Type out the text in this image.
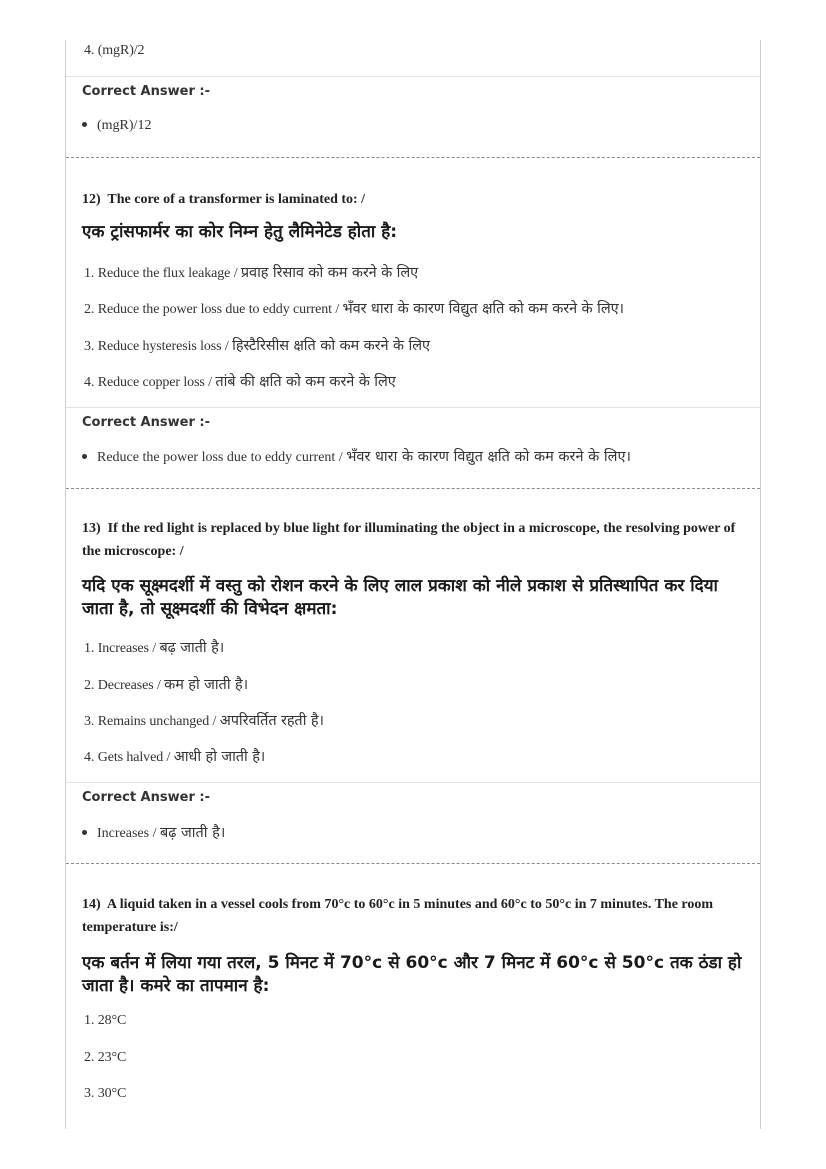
4. (mgR)/2
Correct Answer :-
(mgR)/12
12) The core of a transformer is laminated to: /
एक ट्रांसफार्मर का कोर निम्न हेतु लैमिनेटेड होता है:
1. Reduce the flux leakage / प्रवाह रिसाव को कम करने के लिए
2. Reduce the power loss due to eddy current / भँवर धारा के कारण विद्युत क्षति को कम करने के लिए।
3. Reduce hysteresis loss / हिस्टैरिसीस क्षति को कम करने के लिए
4. Reduce copper loss / तांबे की क्षति को कम करने के लिए
Correct Answer :-
Reduce the power loss due to eddy current / भँवर धारा के कारण विद्युत क्षति को कम करने के लिए।
13) If the red light is replaced by blue light for illuminating the object in a microscope, the resolving power of the microscope: /
यदि एक सूक्ष्मदर्शी में वस्तु को रोशन करने के लिए लाल प्रकाश को नीले प्रकाश से प्रतिस्थापित कर दिया जाता है, तो सूक्ष्मदर्शी की विभेदन क्षमता:
1. Increases / बढ़ जाती है।
2. Decreases / कम हो जाती है।
3. Remains unchanged / अपरिवर्तित रहती है।
4. Gets halved / आधी हो जाती है।
Correct Answer :-
Increases / बढ़ जाती है।
14) A liquid taken in a vessel cools from 70°c to 60°c in 5 minutes and 60°c to 50°c in 7 minutes. The room temperature is:/
एक बर्तन में लिया गया तरल, 5 मिनट में 70°c से 60°c और 7 मिनट में 60°c से 50°c तक ठंडा हो जाता है। कमरे का तापमान है:
1. 28°C
2. 23°C
3. 30°C
